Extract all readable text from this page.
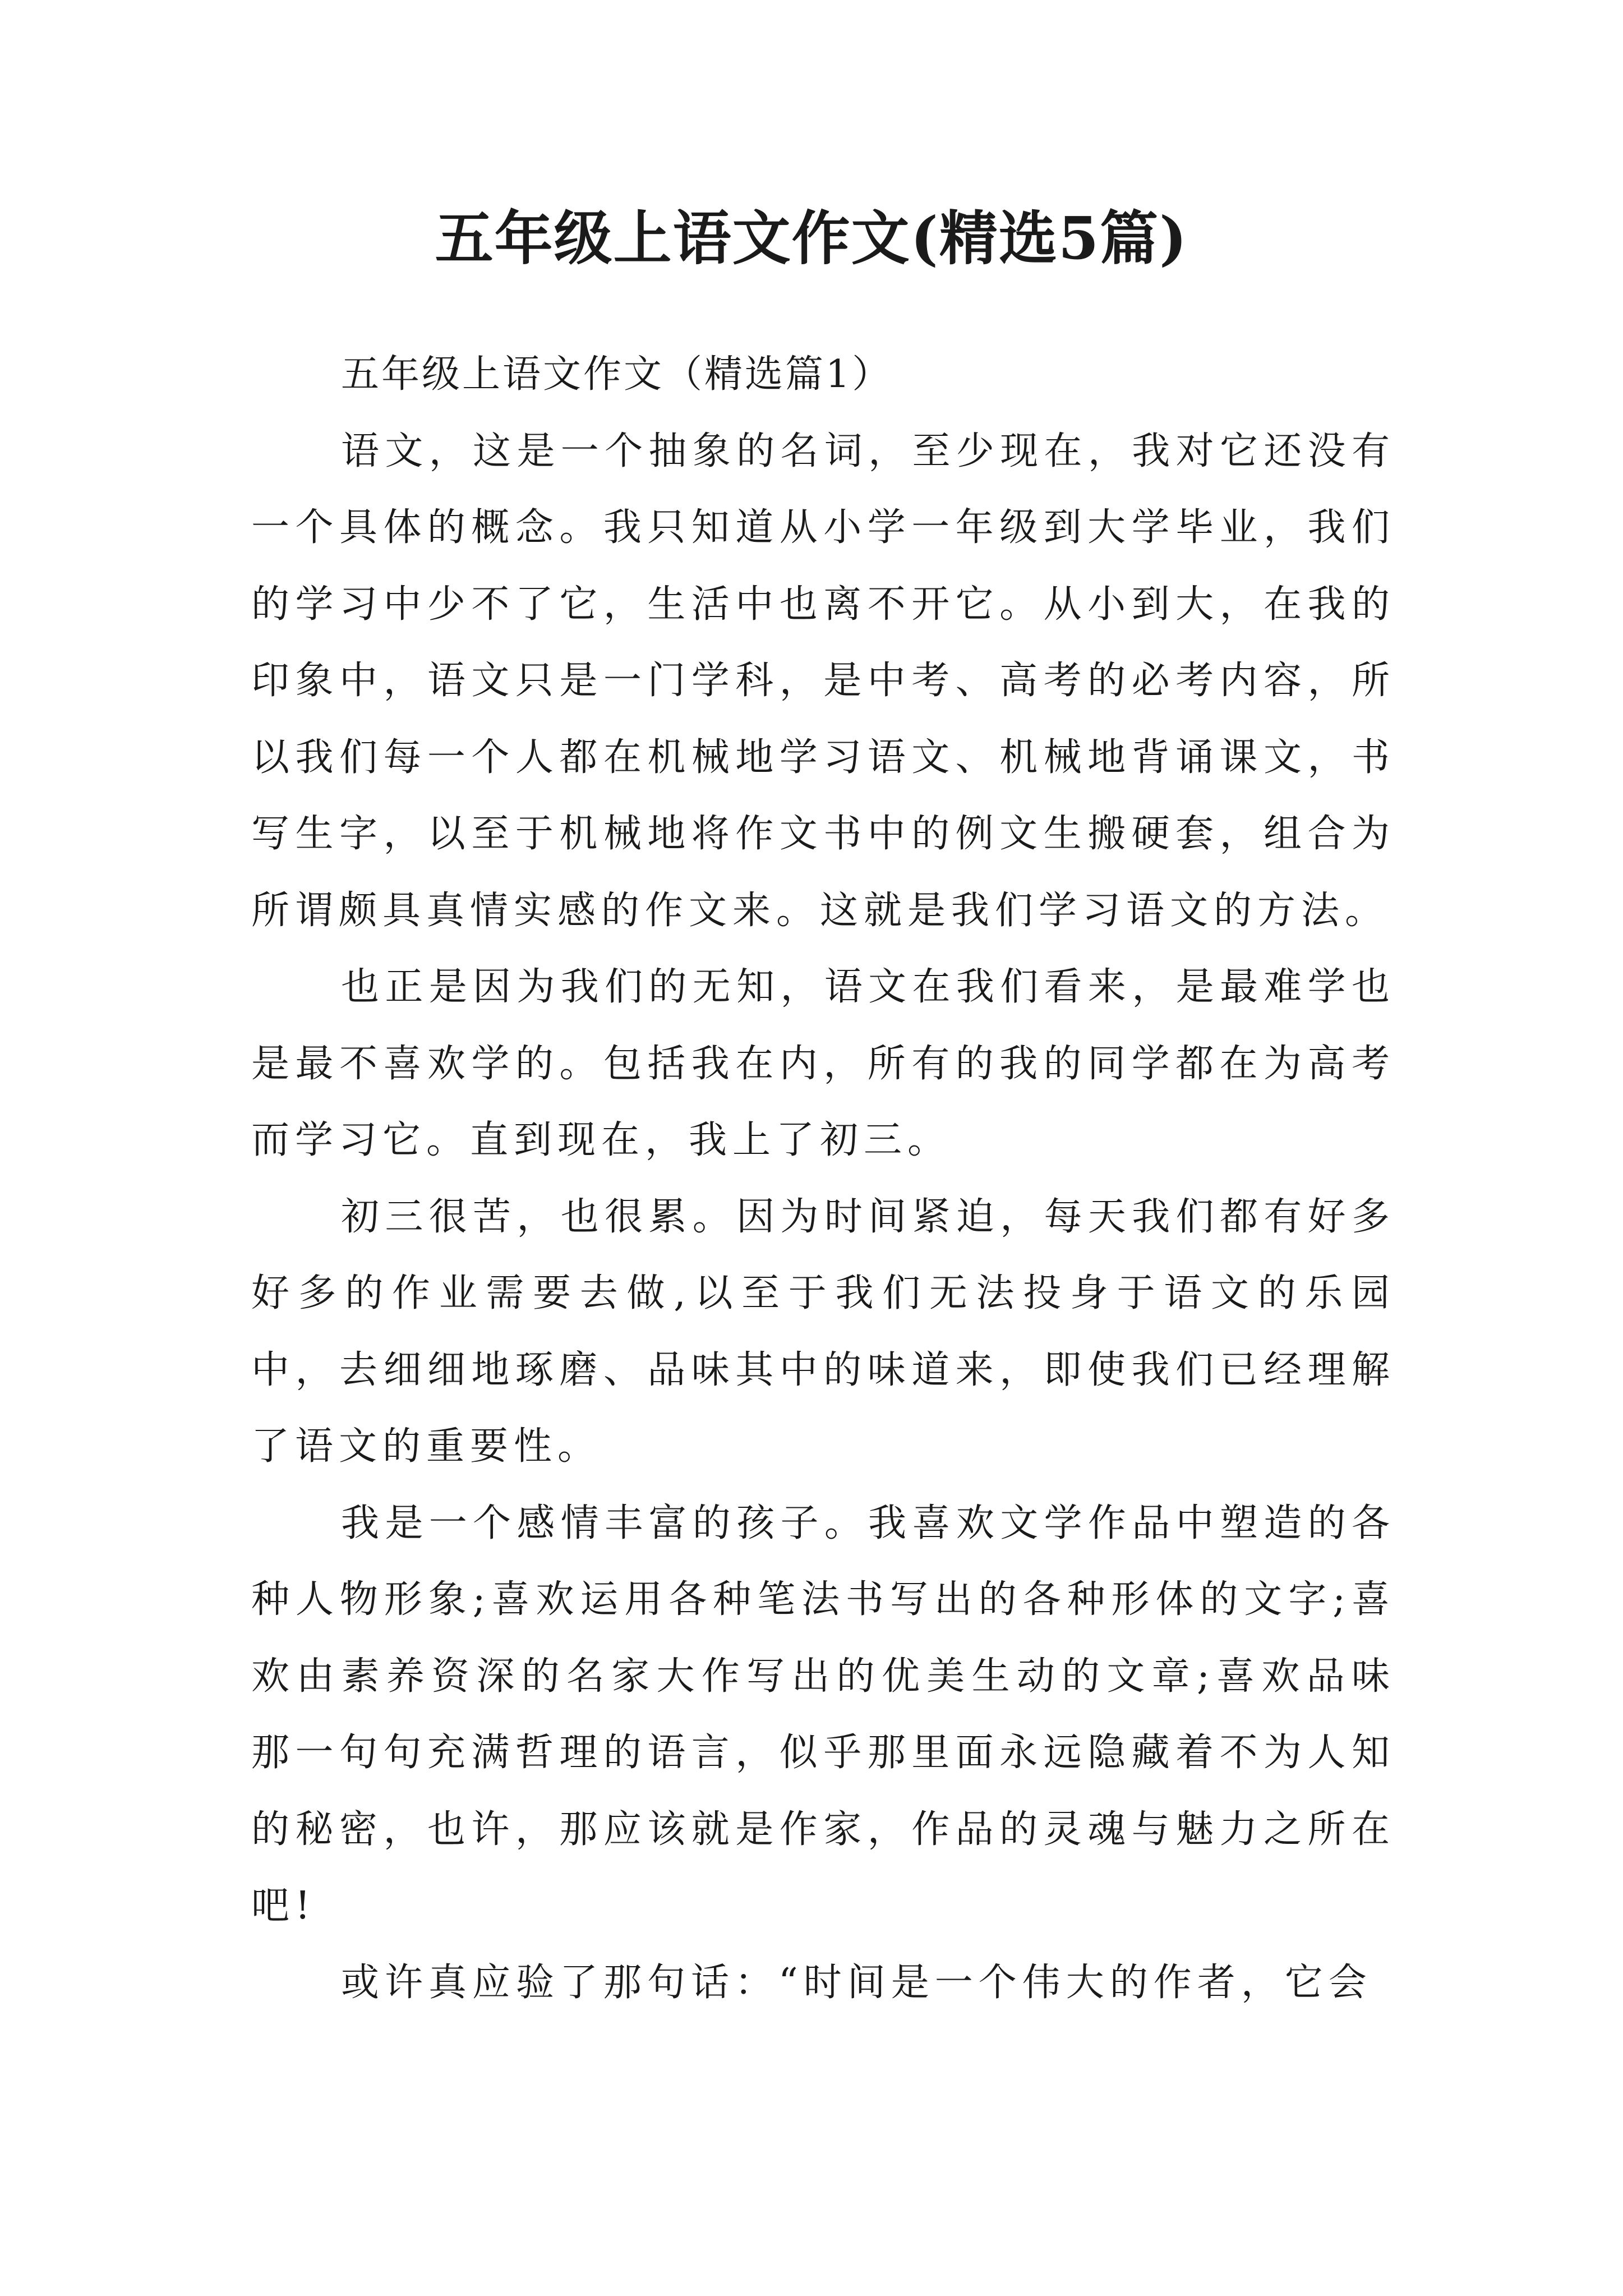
五年级上语文作文(精选5篇)

五年级上语文作文（精选篇1）

语文，这是一个抽象的名词，至少现在，我对它还没有一个具体的概念。我只知道从小学一年级到大学毕业，我们的学习中少不了它，生活中也离不开它。从小到大，在我的印象中，语文只是一门学科，是中考、高考的必考内容，所以我们每一个人都在机械地学习语文、机械地背诵课文，书写生字，以至于机械地将作文书中的例文生搬硬套，组合为所谓颇具真情实感的作文来。这就是我们学习语文的方法。

也正是因为我们的无知，语文在我们看来，是最难学也是最不喜欢学的。包括我在内，所有的我的同学都在为高考而学习它。直到现在，我上了初三。

初三很苦，也很累。因为时间紧迫，每天我们都有好多好多的作业需要去做,以至于我们无法投身于语文的乐园中，去细细地琢磨、品味其中的味道来，即使我们已经理解了语文的重要性。

我是一个感情丰富的孩子。我喜欢文学作品中塑造的各种人物形象;喜欢运用各种笔法书写出的各种形体的文字;喜欢由素养资深的名家大作写出的优美生动的文章;喜欢品味那一句句充满哲理的语言，似乎那里面永远隐藏着不为人知的秘密，也许，那应该就是作家，作品的灵魂与魅力之所在吧!

或许真应验了那句话：“时间是一个伟大的作者，它会
